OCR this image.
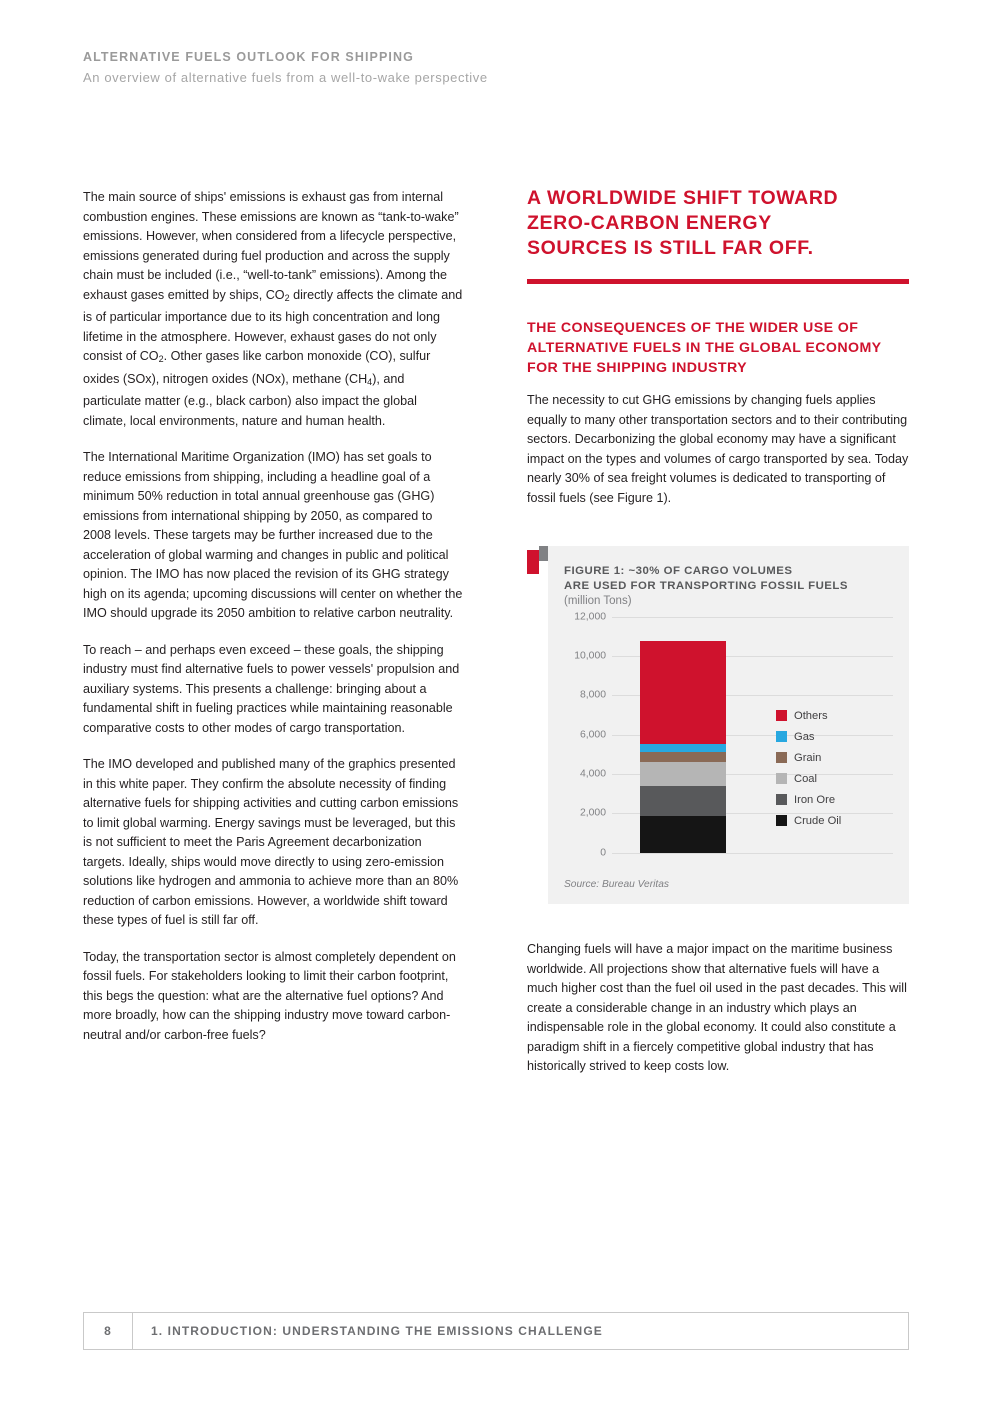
ALTERNATIVE FUELS OUTLOOK FOR SHIPPING
An overview of alternative fuels from a well-to-wake perspective

The main source of ships' emissions is exhaust gas from internal combustion engines. These emissions are known as “tank-to-wake” emissions. However, when considered from a lifecycle perspective, emissions generated during fuel production and across the supply chain must be included (i.e., “well-to-tank” emissions). Among the exhaust gases emitted by ships, $CO_2$ directly affects the climate and is of particular importance due to its high concentration and long lifetime in the atmosphere. However, exhaust gases do not only consist of $CO_2$. Other gases like carbon monoxide (CO), sulfur oxides (SOx), nitrogen oxides (NOx), methane $(CH_4)$, and particulate matter (e.g., black carbon) also impact the global climate, local environments, nature and human health.

The International Maritime Organization (IMO) has set goals to reduce emissions from shipping, including a headline goal of a minimum 50% reduction in total annual greenhouse gas (GHG) emissions from international shipping by 2050, as compared to 2008 levels. These targets may be further increased due to the acceleration of global warming and changes in public and political opinion. The IMO has now placed the revision of its GHG strategy high on its agenda; upcoming discussions will center on whether the IMO should upgrade its 2050 ambition to relative carbon neutrality.

To reach – and perhaps even exceed – these goals, the shipping industry must find alternative fuels to power vessels' propulsion and auxiliary systems. This presents a challenge: bringing about a fundamental shift in fueling practices while maintaining reasonable comparative costs to other modes of cargo transportation.

The IMO developed and published many of the graphics presented in this white paper. They confirm the absolute necessity of finding alternative fuels for shipping activities and cutting carbon emissions to limit global warming. Energy savings must be leveraged, but this is not sufficient to meet the Paris Agreement decarbonization targets. Ideally, ships would move directly to using zero-emission solutions like hydrogen and ammonia to achieve more than an 80% reduction of carbon emissions. However, a worldwide shift toward these types of fuel is still far off.

Today, the transportation sector is almost completely dependent on fossil fuels. For stakeholders looking to limit their carbon footprint, this begs the question: what are the alternative fuel options? And more broadly, how can the shipping industry move toward carbon-neutral and/or carbon-free fuels?

A WORLDWIDE SHIFT TOWARD
ZERO-CARBON ENERGY
SOURCES IS STILL FAR OFF.
THE CONSEQUENCES OF THE WIDER USE OF ALTERNATIVE FUELS IN THE GLOBAL ECONOMY FOR THE SHIPPING INDUSTRY

The necessity to cut GHG emissions by changing fuels applies equally to many other transportation sectors and to their contributing sectors. Decarbonizing the global economy may have a significant impact on the types and volumes of cargo transported by sea. Today nearly 30% of sea freight volumes is dedicated to transporting of fossil fuels (see Figure 1).

FIGURE 1: ~30% OF CARGO VOLUMES
ARE USED FOR TRANSPORTING FOSSIL FUELS
(million Tons)
12,000
10,000
8,000
6,000
4,000
2,000
0
Others
Gas
Grain
Coal
Iron Ore
Crude Oil
Source: Bureau Veritas

Changing fuels will have a major impact on the maritime business worldwide. All projections show that alternative fuels will have a much higher cost than the fuel oil used in the past decades. This will create a considerable change in an industry which plays an indispensable role in the global economy. It could also constitute a paradigm shift in a fiercely competitive global industry that has historically strived to keep costs low.

8	1. INTRODUCTION: UNDERSTANDING THE EMISSIONS CHALLENGE
